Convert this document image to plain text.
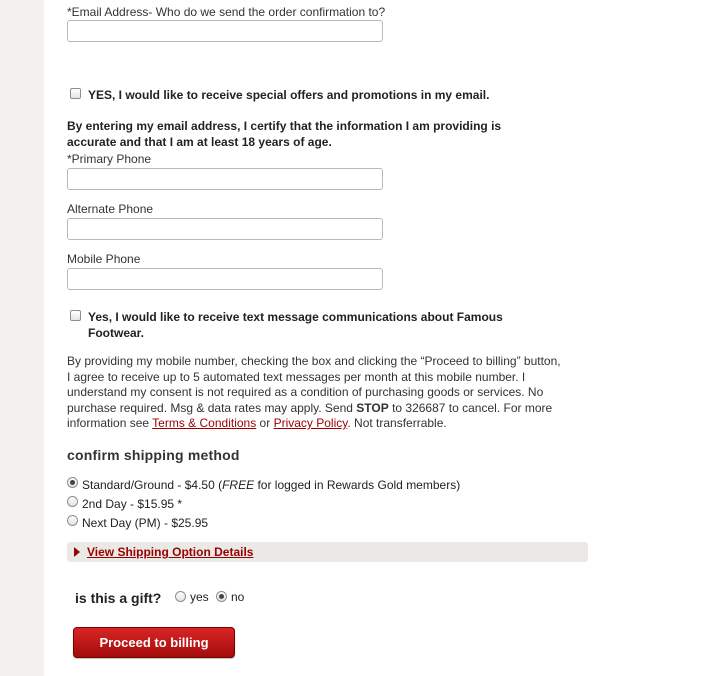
*Email Address- Who do we send the order confirmation to?
YES, I would like to receive special offers and promotions in my email.
By entering my email address, I certify that the information I am providing is accurate and that I am at least 18 years of age.
*Primary Phone
Alternate Phone
Mobile Phone
Yes, I would like to receive text message communications about Famous Footwear.
By providing my mobile number, checking the box and clicking the “Proceed to billing” button, I agree to receive up to 5 automated text messages per month at this mobile number. I understand my consent is not required as a condition of purchasing goods or services. No purchase required. Msg & data rates may apply. Send STOP to 326687 to cancel. For more information see Terms & Conditions or Privacy Policy. Not transferrable.
confirm shipping method
Standard/Ground - $4.50 (FREE for logged in Rewards Gold members)
2nd Day - $15.95 *
Next Day (PM) - $25.95
View Shipping Option Details
is this a gift? yes no
Proceed to billing
